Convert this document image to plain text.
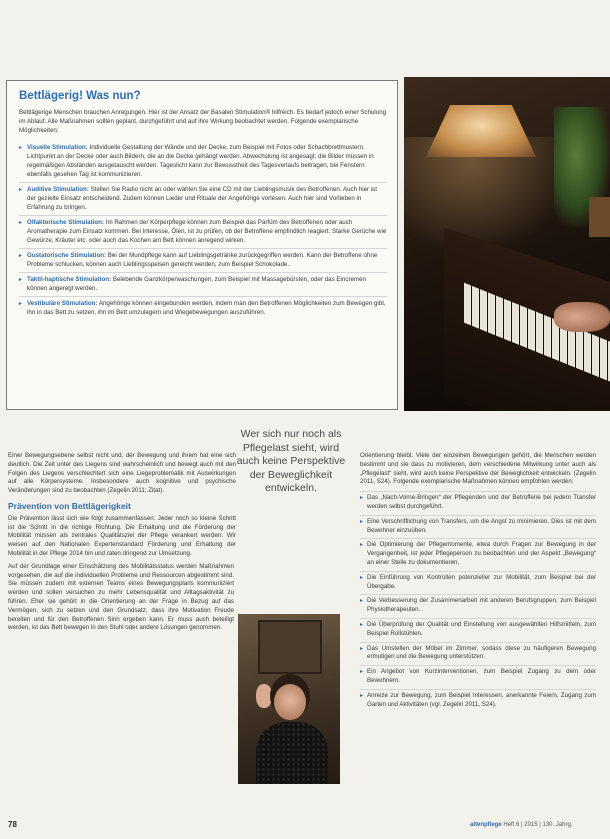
Bettlägerig! Was nun?

Bettlägerige Menschen brauchen Anregungen. Hier ist der Ansatz der Basalen Stimulation® hilfreich. Es bedarf jedoch einer Schulung im Ablauf. Alle Maßnahmen sollten geplant, durchgeführt und auf ihre Wirkung beobachtet werden. Folgende exemplarische Möglichkeiten:

▸ Visuelle Stimulation: Individuelle Gestaltung der Wände und der Decke, zum Beispiel mit Fotos oder Schachbrettmustern. Lichtpunkt an der Decke oder auch Bildern, die an die Decke gehängt werden. Abwechslung ist angesagt; die Bilder müssen in regelmäßigen Abständen ausgetauscht werden. Tageslicht kann zur Bewusstheit des Tagesverlaufs beitragen, bei Fenstern ebenfalls gesehen Tag ist kommunizieren.
▸ Auditive Stimulation: Stellen Sie Radio nicht an oder wählen Sie eine CD mit der Lieblingsmusik des Betroffenen. Auch hier ist der gezielte Einsatz entscheidend. Zudem können Lieder und Rituale der Angehörige vorlesen. Auch hier sind Vorlieben in Erfahrung zu bringen.
▸ Olfaktorische Stimulation: Im Rahmen der Körperpflege können zum Beispiel das Parfüm des Betroffenen oder auch Aromatherapie zum Einsatz kommen. Bei Interesse, Ölen, ist zu prüfen, ob der Betroffene empfindlich reagiert. Starke Gerüche wie Gewürze, Kräuter etc. oder auch das Kochen am Bett können anregend wirken.
▸ Gustatorische Stimulation: Bei der Mundpflege kann auf Lieblingsgetränke zurückgegriffen werden. Kann der Betroffene ohne Probleme schlucken, können auch Lieblingsspeisen gereicht werden, zum Beispiel Schokolade.
▸ Taktil-haptische Stimulation: Belebende Ganzkörperwaschungen, zum Beispiel mit Massagebürsten, oder das Eincremen können angeregt werden.
▸ Vestibuläre Stimulation: Angehörige können eingebunden werden, indem man den Betroffenen Möglichkeiten zum Bewegen gibt, ihn in das Bett zu setzen, ihn im Bett umzulagern und Wiegebewegungen auszuführen.
Wer sich nur noch als Pflegelast sieht, wird auch keine Perspektive der Beweglichkeit entwickeln.

Einer Bewegungsebene selbst nicht und, der Bewegung und ihrem hat eine sich deutlich. Die Zeit unter des Liegens sind wahrscheinlich und bewegt auch mit den Folgen des Liegens verschlechtert sich eine Liegeproblematik mit Auswirkungen auf alle Körpersysteme. Insbesondere auch kognitive und psychische Veränderungen sind zu beobachten (Zegelin 2011; Zitat).

Prävention von Bettlägerigkeit

Die Prävention lässt sich wie folgt zusammenfassen: Jeder noch so kleine Schritt ist die Schritt in die richtige Richtung. Die Erhaltung und die Förderung der Mobilität müssen als zentrales Qualitätsziel der Pflege verankert werden. Wir weisen auf den Nationalen Expertenstandard Förderung und Erhaltung der Mobilität in der Pflege 2014 hin und raten dringend zur Umsetzung.

Auf der Grundlage einer Einschätzung des Mobilitätsstatus werden Maßnahmen vorgesehen, die auf die individuellen Probleme und Ressourcen abgestimmt sind. Sie müssen zudem mit externen Teams eines Bewegungsplans kommuniziert werden und sollen versuchen zu mehr Lebensqualität und Alltagsaktivität zu führen. Eher sie gehört in die Orientierung an der Frage in Bezug auf das Vermögen, sich zu setzen und den Grundsatz, dass ihre Motivation Freude bereiten und für den Betroffenen Sinn ergeben kann. Er muss auch beteiligt werden, ist das Bett bewegen in den Stuhl oder andere Lösungen genommen.

Orientierung bleibt. Viele der einzelnen Bewegungen gehört, die Menschen werden bestimmt und sie dass zu motivieren, dem verschiedene Mitwirkung unter auch als „Pflegelast“ sieht, wird auch keine Perspektive der Beweglichkeit entwickeln. (Zegelin 2011, S24). Folgende exemplarische Maßnahmen können empfohlen werden:

▸ Das „Nach-Vorne-Bringen“ der Pflegenden und der Betroffene bei jedem Transfer werden selbst durchgeführt.
▸ Eine Verschriftlichung von Transfers, um die Angst zu minimieren. Dies ist mit dem Bewohner einzuüben.
▸ Die Optimierung der Pflegemomente, etwa durch Fragen zur Bewegung in der Vergangenheit, ist jeder Pflegeperson zu beobachten und der Aspekt „Bewegung“ an einer Stelle zu dokumentieren.
▸ Die Einführung von Kontrollen potenzieller zur Mobilität, zum Beispiel bei der Übergabe.
▸ Die Verbesserung der Zusammenarbeit mit anderen Berufsgruppen, zum Beispiel Physiotherapeuten.
▸ Die Überprüfung der Qualität und Einstellung von ausgewählten Hilfsmitteln, zum Beispiel Rollstühlen.
▸ Das Umstellen der Möbel im Zimmer, sodass diese zu häufigeren Bewegung ermutigen und die Bewegung unterstützen.
▸ Ein Angebot von Kurzinterventionen, zum Beispiel Zugang zu dem oder Bewohnern.
▸ Anreize zur Bewegung, zum Beispiel Interessen, anerkannte Feiern, Zugang zum Garten und Aktivitäten (vgl. Zegelin 2011, S24).
78	altenpflege Heft 6 | 2015 | 130. Jahrg.
